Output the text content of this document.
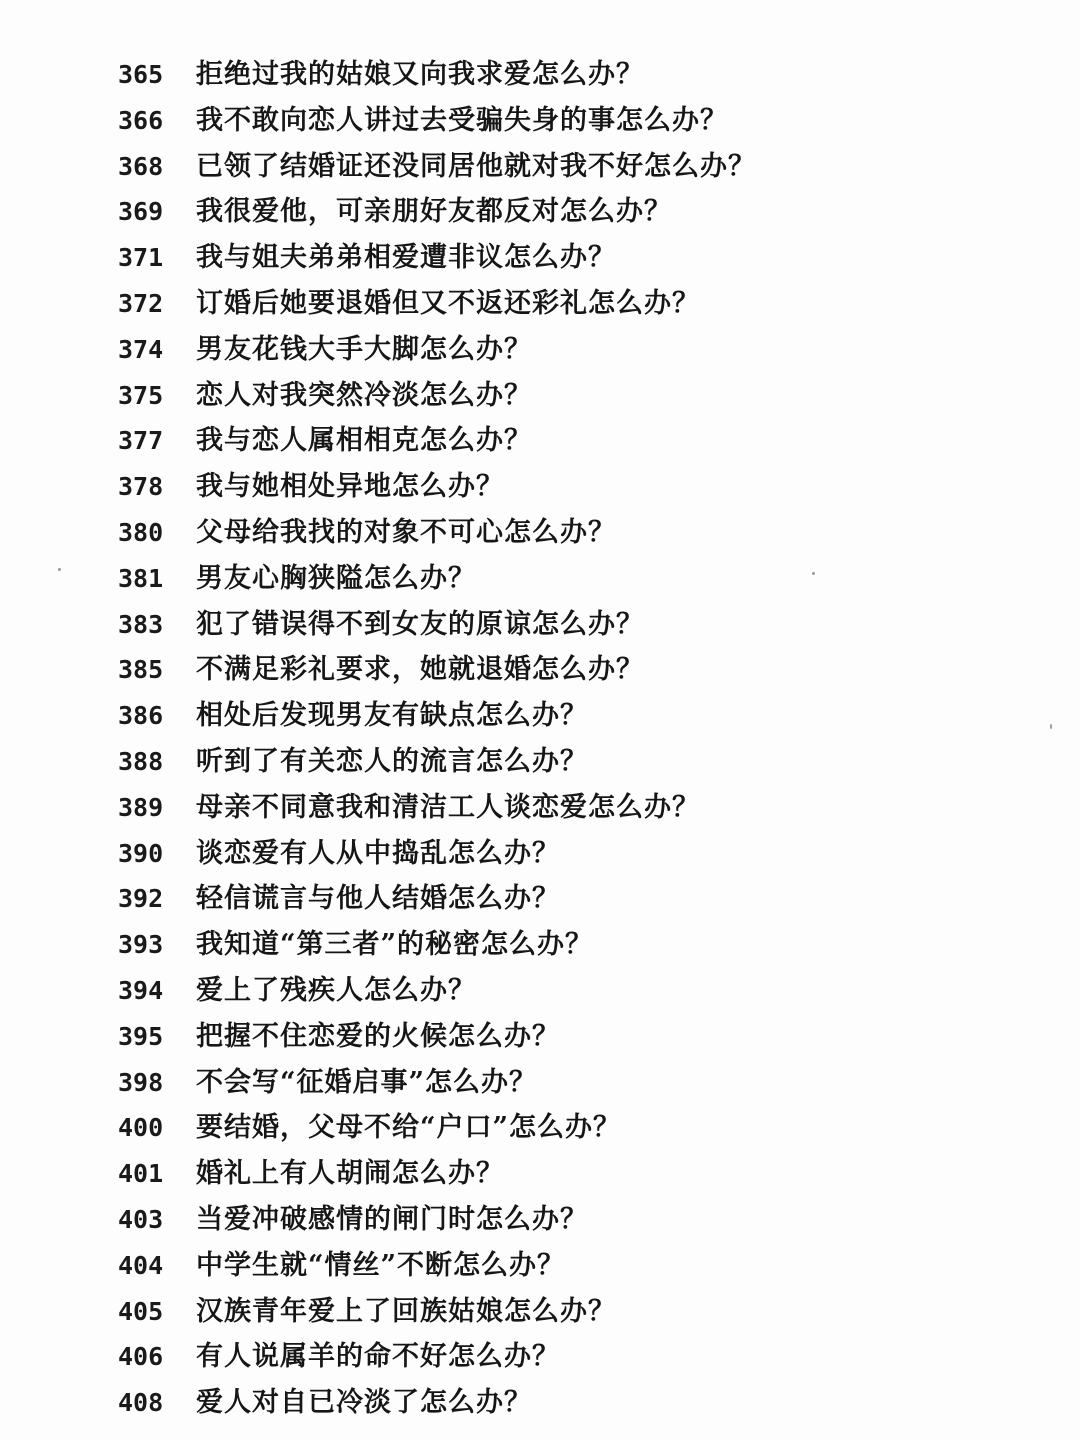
365	拒绝过我的姑娘又向我求爱怎么办？
366	我不敢向恋人讲过去受骗失身的事怎么办？
368	已领了结婚证还没同居他就对我不好怎么办？
369	我很爱他，可亲朋好友都反对怎么办？
371	我与姐夫弟弟相爱遭非议怎么办？
372	订婚后她要退婚但又不返还彩礼怎么办？
374	男友花钱大手大脚怎么办？
375	恋人对我突然冷淡怎么办？
377	我与恋人属相相克怎么办？
378	我与她相处异地怎么办？
380	父母给我找的对象不可心怎么办？
381	男友心胸狭隘怎么办？
383	犯了错误得不到女友的原谅怎么办？
385	不满足彩礼要求，她就退婚怎么办？
386	相处后发现男友有缺点怎么办？
388	听到了有关恋人的流言怎么办？
389	母亲不同意我和清洁工人谈恋爱怎么办？
390	谈恋爱有人从中捣乱怎么办？
392	轻信谎言与他人结婚怎么办？
393	我知道“第三者”的秘密怎么办？
394	爱上了残疾人怎么办？
395	把握不住恋爱的火候怎么办？
398	不会写“征婚启事”怎么办？
400	要结婚，父母不给“户口”怎么办？
401	婚礼上有人胡闹怎么办？
403	当爱冲破感情的闸门时怎么办？
404	中学生就“情丝”不断怎么办？
405	汉族青年爱上了回族姑娘怎么办？
406	有人说属羊的命不好怎么办？
408	爱人对自已冷淡了怎么办？
